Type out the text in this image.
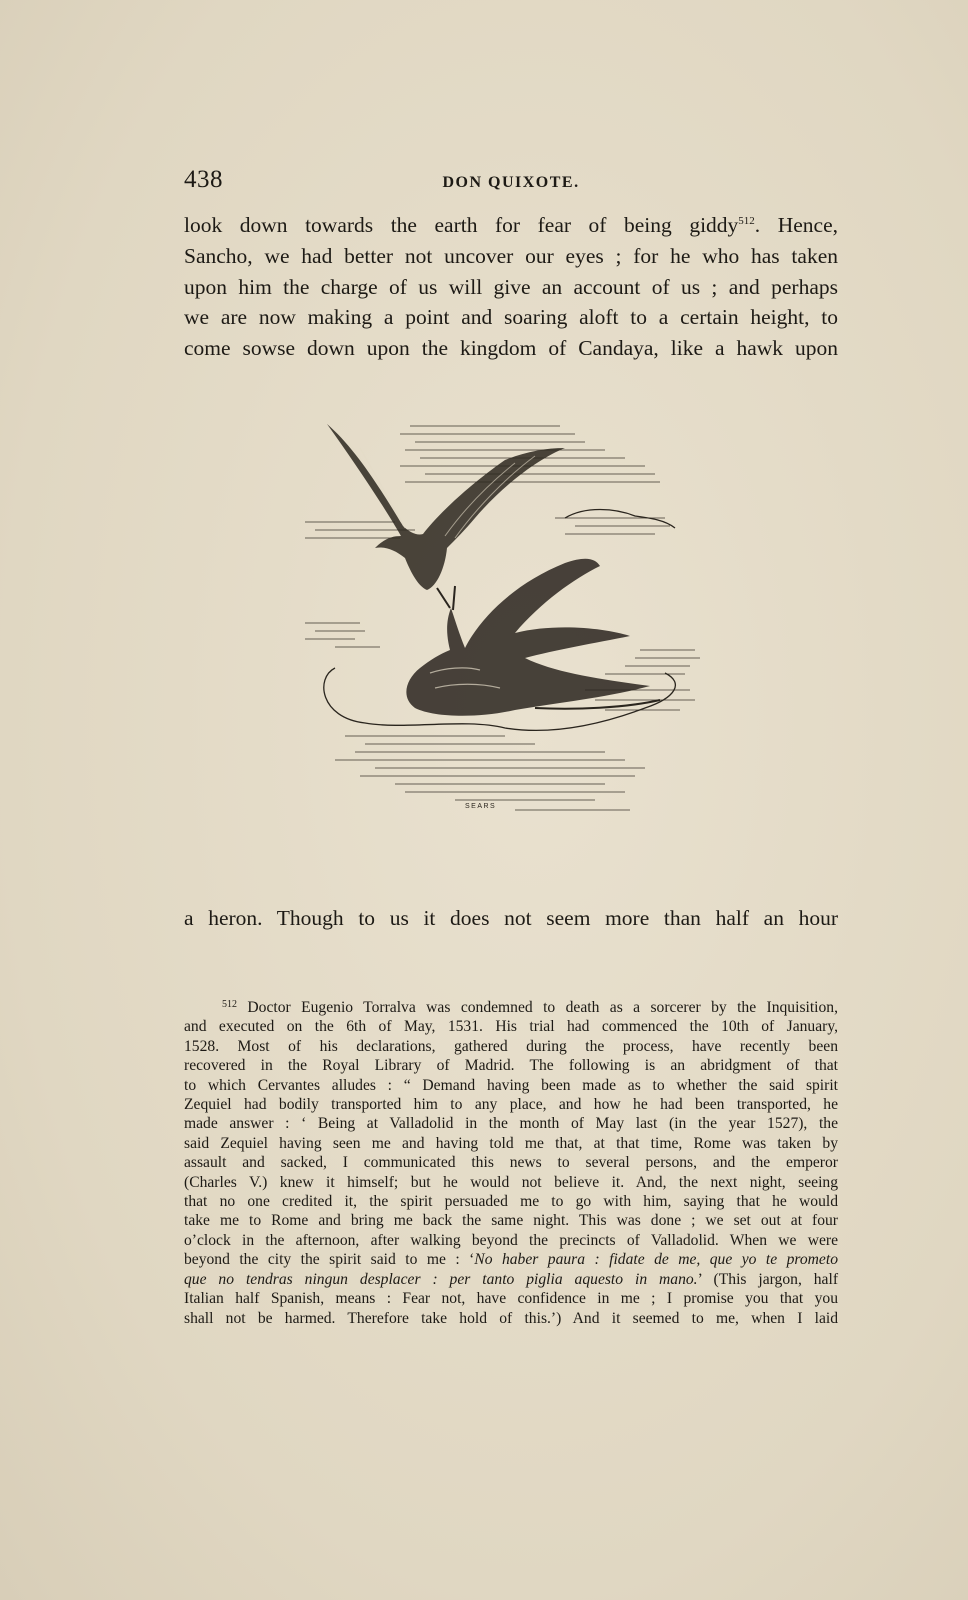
438	DON QUIXOTE.
look down towards the earth for fear of being giddy$^{512}$. Hence,
Sancho, we had better not uncover our eyes ; for he who has taken
upon him the charge of us will give an account of us ; and perhaps
we are now making a point and soaring aloft to a certain height, to
come sowse down upon the kingdom of Candaya, like a hawk upon
SEARS
a heron. Though to us it does not seem more than half an hour
$^{512}$ Doctor Eugenio Torralva was condemned to death as a sorcerer by the Inquisition,
and executed on the 6th of May, 1531. His trial had commenced the 10th of January,
1528. Most of his declarations, gathered during the process, have recently been
recovered in the Royal Library of Madrid. The following is an abridgment of that
to which Cervantes alludes : “ Demand having been made as to whether the said spirit
Zequiel had bodily transported him to any place, and how he had been transported, he
made answer : ‘ Being at Valladolid in the month of May last (in the year 1527), the
said Zequiel having seen me and having told me that, at that time, Rome was taken by
assault and sacked, I communicated this news to several persons, and the emperor
(Charles V.) knew it himself; but he would not believe it. And, the next night, seeing
that no one credited it, the spirit persuaded me to go with him, saying that he would
take me to Rome and bring me back the same night. This was done ; we set out at four
o’clock in the afternoon, after walking beyond the precincts of Valladolid. When we were
beyond the city the spirit said to me : ‘No haber paura : fidate de me, que yo te prometo
que no tendras ningun desplacer : per tanto piglia aquesto in mano.’ (This jargon, half
Italian half Spanish, means : Fear not, have confidence in me ; I promise you that you
shall not be harmed. Therefore take hold of this.’) And it seemed to me, when I laid
